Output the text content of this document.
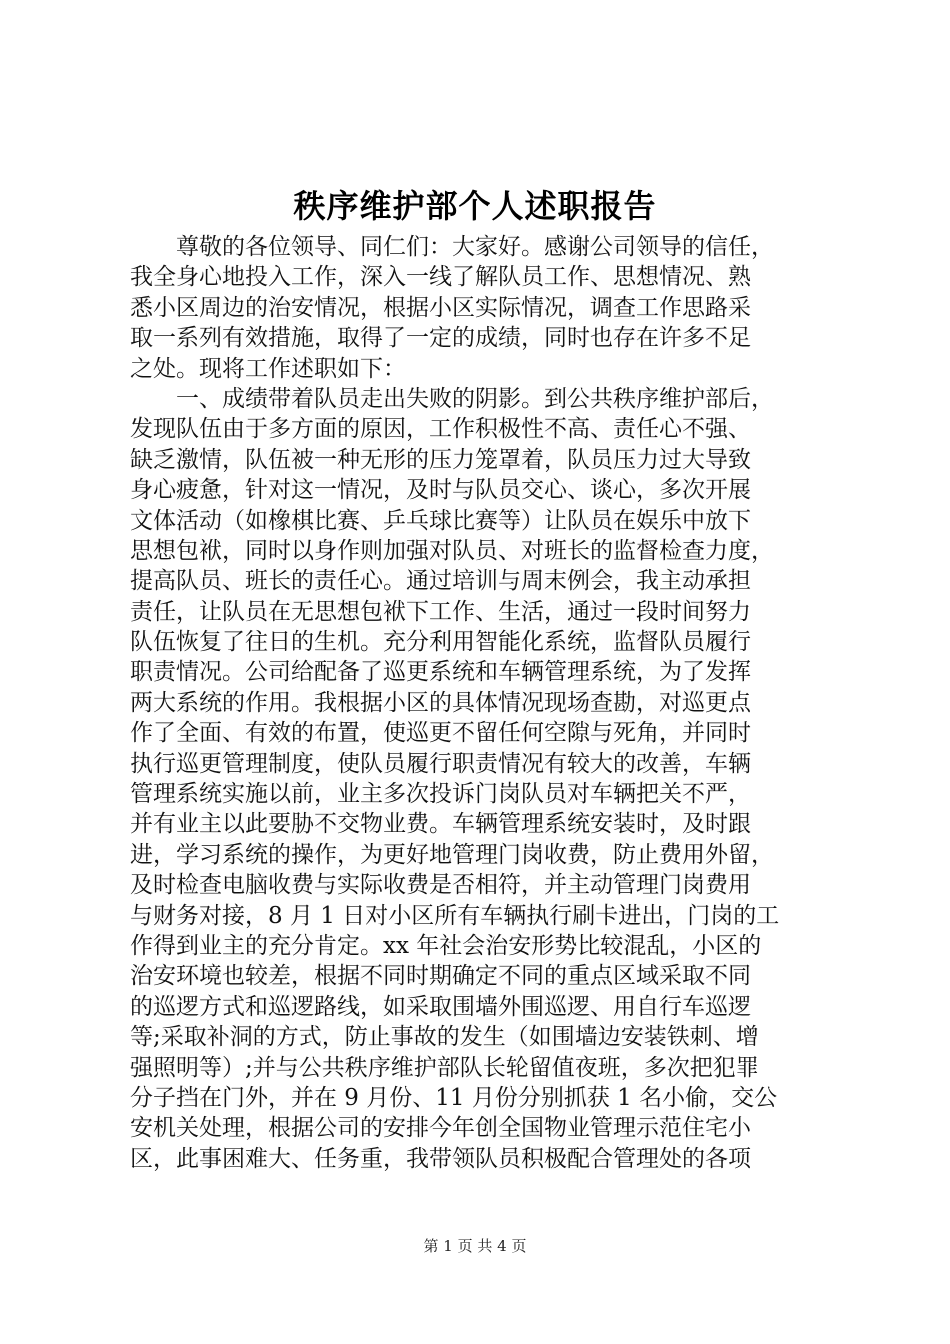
秩序维护部个人述职报告
　　尊敬的各位领导、同仁们：大家好。感谢公司领导的信任，
我全身心地投入工作，深入一线了解队员工作、思想情况、熟
悉小区周边的治安情况，根据小区实际情况，调查工作思路采
取一系列有效措施，取得了一定的成绩，同时也存在许多不足
之处。现将工作述职如下：
　　一、成绩带着队员走出失败的阴影。到公共秩序维护部后，
发现队伍由于多方面的原因，工作积极性不高、责任心不强、
缺乏激情，队伍被一种无形的压力笼罩着，队员压力过大导致
身心疲惫，针对这一情况，及时与队员交心、谈心，多次开展
文体活动（如橡棋比赛、乒乓球比赛等）让队员在娱乐中放下
思想包袱，同时以身作则加强对队员、对班长的监督检查力度，
提高队员、班长的责任心。通过培训与周末例会，我主动承担
责任，让队员在无思想包袱下工作、生活，通过一段时间努力
队伍恢复了往日的生机。充分利用智能化系统，监督队员履行
职责情况。公司给配备了巡更系统和车辆管理系统，为了发挥
两大系统的作用。我根据小区的具体情况现场查勘，对巡更点
作了全面、有效的布置，使巡更不留任何空隙与死角，并同时
执行巡更管理制度，使队员履行职责情况有较大的改善，车辆
管理系统实施以前，业主多次投诉门岗队员对车辆把关不严，
并有业主以此要胁不交物业费。车辆管理系统安装时，及时跟
进，学习系统的操作，为更好地管理门岗收费，防止费用外留，
及时检查电脑收费与实际收费是否相符，并主动管理门岗费用
与财务对接，8 月 1 日对小区所有车辆执行刷卡进出，门岗的工
作得到业主的充分肯定。xx 年社会治安形势比较混乱，小区的
治安环境也较差，根据不同时期确定不同的重点区域采取不同
的巡逻方式和巡逻路线，如采取围墙外围巡逻、用自行车巡逻
等;采取补洞的方式，防止事故的发生（如围墙边安装铁刺、增
强照明等）;并与公共秩序维护部队长轮留值夜班，多次把犯罪
分子挡在门外，并在 9 月份、11 月份分别抓获 1 名小偷，交公
安机关处理，根据公司的安排今年创全国物业管理示范住宅小
区，此事困难大、任务重，我带领队员积极配合管理处的各项
第 1 页 共 4 页
